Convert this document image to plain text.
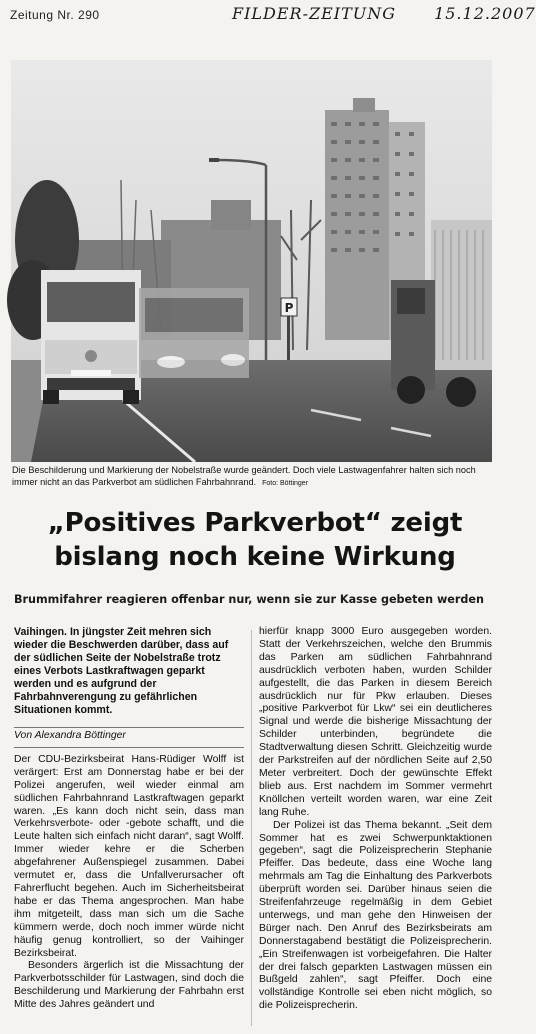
Zeitung Nr. 290	FILDER-ZEITUNG 15.12.2007
P
Die Beschilderung und Markierung der Nobelstraße wurde geändert. Doch viele Lastwagenfahrer halten sich noch immer nicht an das Parkverbot am südlichen Fahrbahnrand. Foto: Böttinger
„Positives Parkverbot“ zeigt bislang noch keine Wirkung
Brummifahrer reagieren offenbar nur, wenn sie zur Kasse gebeten werden

Vaihingen. In jüngster Zeit mehren sich wieder die Beschwerden darüber, dass auf der südlichen Seite der Nobelstraße trotz eines Verbots Lastkraftwagen geparkt werden und es aufgrund der Fahrbahnverengung zu gefährlichen Situationen kommt.

Von Alexandra Böttinger

Der CDU-Bezirksbeirat Hans-Rüdiger Wolff ist verärgert: Erst am Donnerstag habe er bei der Polizei angerufen, weil wieder einmal am südlichen Fahrbahnrand Lastkraftwagen geparkt waren. „Es kann doch nicht sein, dass man Verkehrsverbote- oder -gebote schafft, und die Leute halten sich einfach nicht daran“, sagt Wolff. Immer wieder kehre er die Scherben abgefahrener Außenspiegel zusammen. Dabei vermutet er, dass die Unfallverursacher oft Fahrerflucht begehen. Auch im Sicherheitsbeirat habe er das Thema angesprochen. Man habe ihm mitgeteilt, dass man sich um die Sache kümmern werde, doch noch immer würde nicht häufig genug kontrolliert, so der Vaihinger Bezirksbeirat.

Besonders ärgerlich ist die Missachtung der Parkverbotsschilder für Lastwagen, sind doch die Beschilderung und Markierung der Fahrbahn erst Mitte des Jahres geändert und

hierfür knapp 3000 Euro ausgegeben worden. Statt der Verkehrszeichen, welche den Brummis das Parken am südlichen Fahrbahnrand ausdrücklich verboten haben, wurden Schilder aufgestellt, die das Parken in diesem Bereich ausdrücklich nur für Pkw erlauben. Dieses „positive Parkverbot für Lkw“ sei ein deutlicheres Signal und werde die bisherige Missachtung der Schilder unterbinden, begründete die Stadtverwaltung diesen Schritt. Gleichzeitig wurde der Parkstreifen auf der nördlichen Seite auf 2,50 Meter verbreitert. Doch der gewünschte Effekt blieb aus. Erst nachdem im Sommer vermehrt Knöllchen verteilt worden waren, war eine Zeit lang Ruhe.

Der Polizei ist das Thema bekannt. „Seit dem Sommer hat es zwei Schwerpunktaktionen gegeben“, sagt die Polizeisprecherin Stephanie Pfeiffer. Das bedeute, dass eine Woche lang mehrmals am Tag die Einhaltung des Parkverbots überprüft worden sei. Darüber hinaus seien die Streifenfahrzeuge regelmäßig in dem Gebiet unterwegs, und man gehe den Hinweisen der Bürger nach. Den Anruf des Bezirksbeirats am Donnerstagabend bestätigt die Polizeisprecherin. „Ein Streifenwagen ist vorbeigefahren. Die Halter der drei falsch geparkten Lastwagen müssen ein Bußgeld zahlen“, sagt Pfeiffer. Doch eine vollständige Kontrolle sei eben nicht möglich, so die Polizeisprecherin.
